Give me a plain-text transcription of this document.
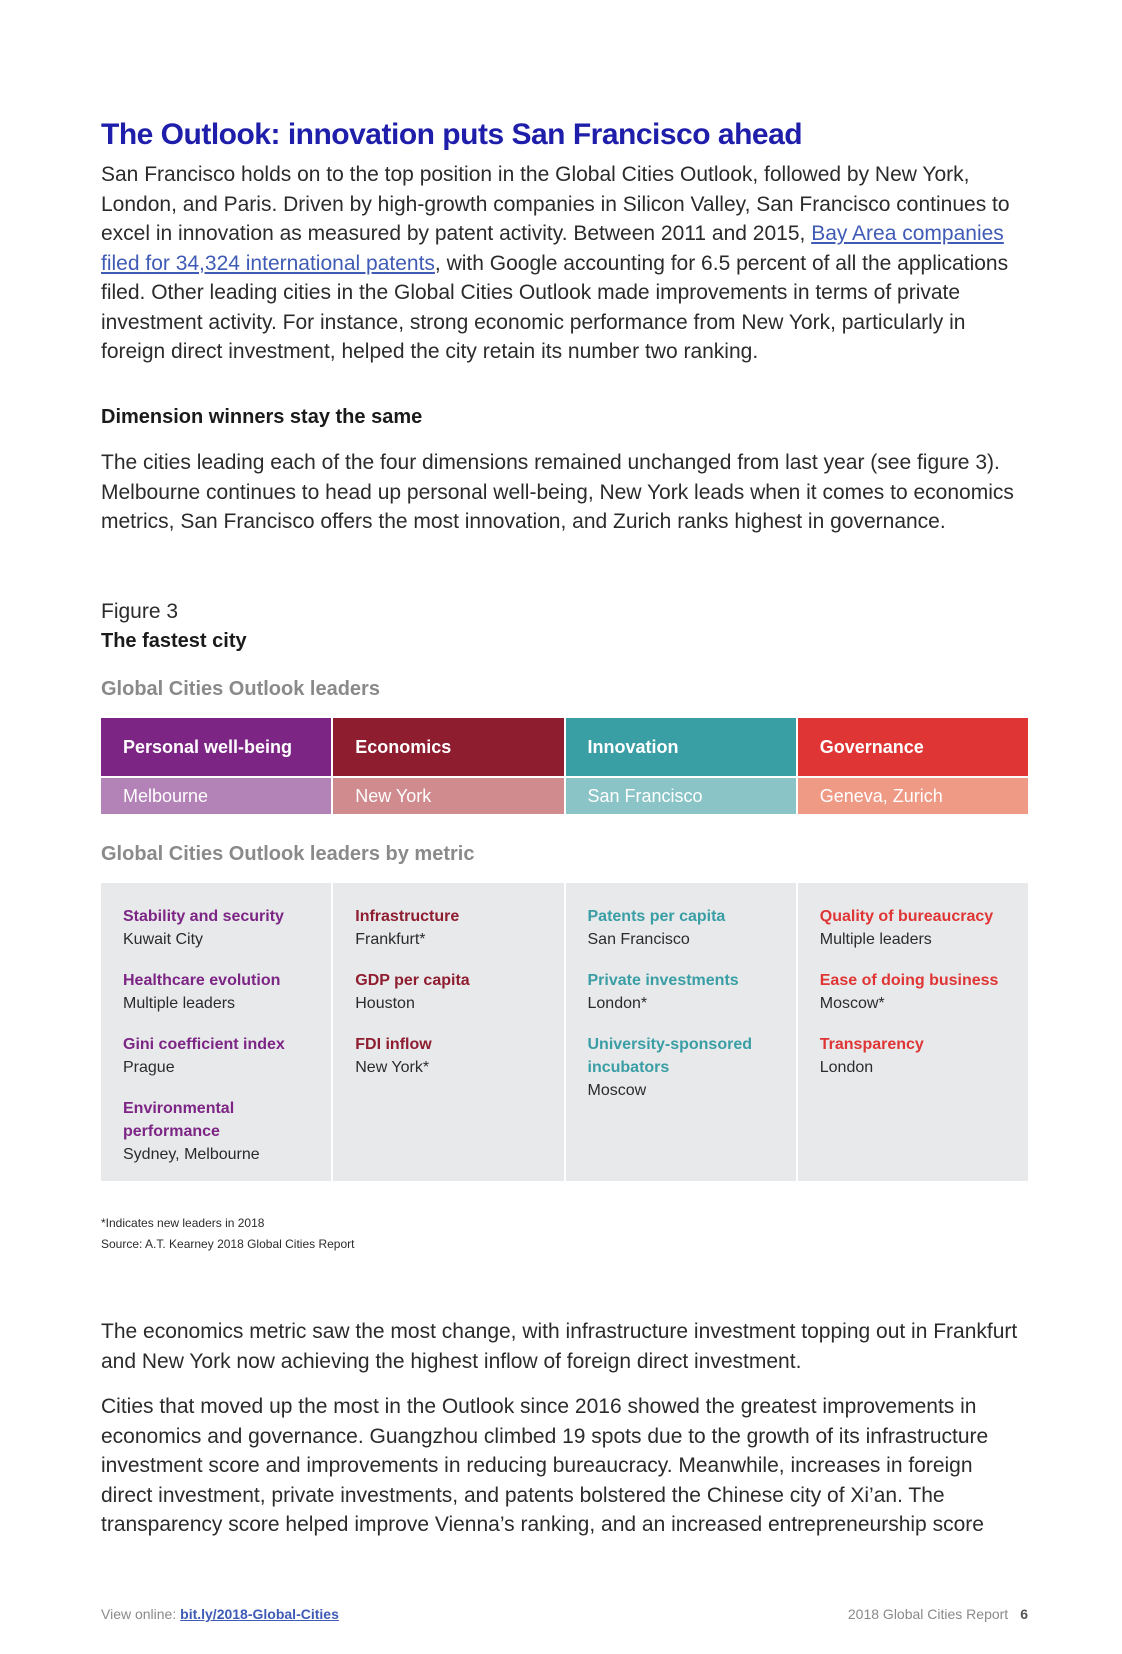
The Outlook: innovation puts San Francisco ahead

San Francisco holds on to the top position in the Global Cities Outlook, followed by New York, London, and Paris. Driven by high-growth companies in Silicon Valley, San Francisco continues to excel in innovation as measured by patent activity. Between 2011 and 2015, Bay Area companies filed for 34,324 international patents, with Google accounting for 6.5 percent of all the applications filed. Other leading cities in the Global Cities Outlook made improvements in terms of private investment activity. For instance, strong economic performance from New York, particularly in foreign direct investment, helped the city retain its number two ranking.

Dimension winners stay the same

The cities leading each of the four dimensions remained unchanged from last year (see figure 3). Melbourne continues to head up personal well-being, New York leads when it comes to economics metrics, San Francisco offers the most innovation, and Zurich ranks highest in governance.

Figure 3
The fastest city
Global Cities Outlook leaders
Personal well-being
Melbourne
Economics
New York
Innovation
San Francisco
Governance
Geneva, Zurich
Global Cities Outlook leaders by metric
Stability and security
Kuwait City
Healthcare evolution
Multiple leaders
Gini coefficient index
Prague
Environmental performance
Sydney, Melbourne
Infrastructure
Frankfurt*
GDP per capita
Houston
FDI inflow
New York*
Patents per capita
San Francisco
Private investments
London*
University-sponsored incubators
Moscow
Quality of bureaucracy
Multiple leaders
Ease of doing business
Moscow*
Transparency
London
*Indicates new leaders in 2018
Source: A.T. Kearney 2018 Global Cities Report

The economics metric saw the most change, with infrastructure investment topping out in Frankfurt and New York now achieving the highest inflow of foreign direct investment.

Cities that moved up the most in the Outlook since 2016 showed the greatest improvements in economics and governance. Guangzhou climbed 19 spots due to the growth of its infrastructure investment score and improvements in reducing bureaucracy. Meanwhile, increases in foreign direct investment, private investments, and patents bolstered the Chinese city of Xi’an. The transparency score helped improve Vienna’s ranking, and an increased entrepreneurship score

View online: bit.ly/2018-Global-Cities	2018 Global Cities Report 6
